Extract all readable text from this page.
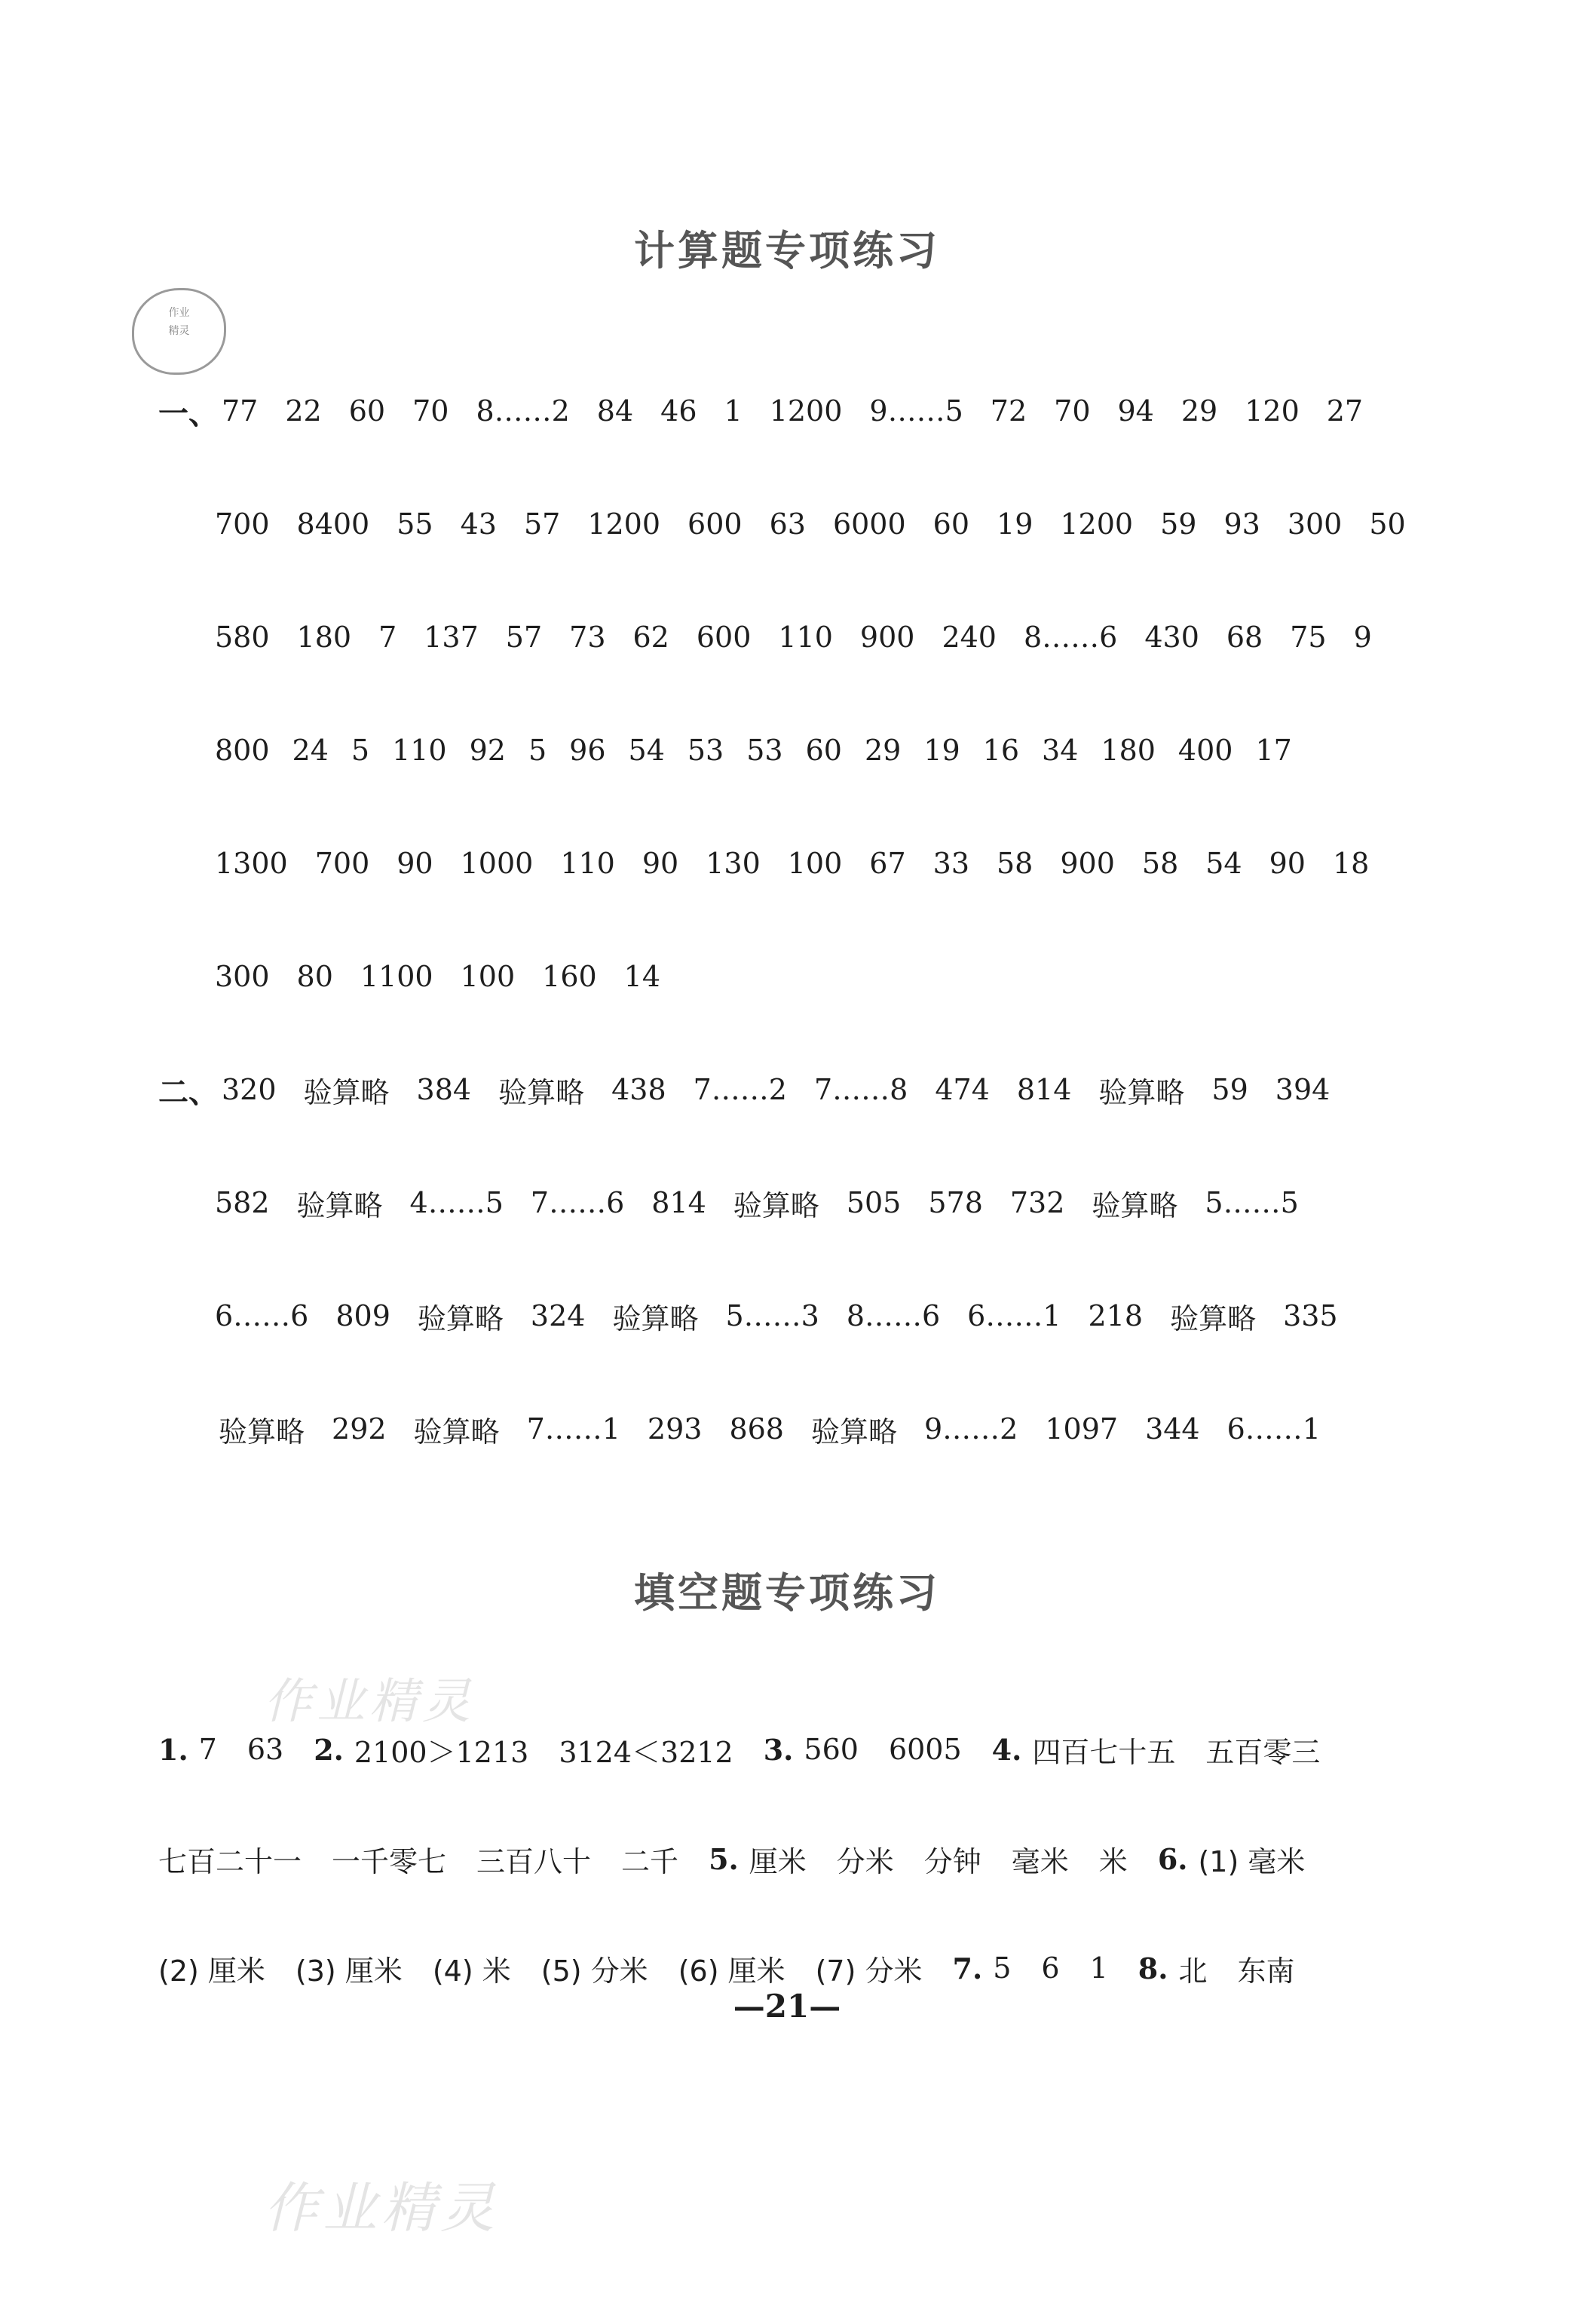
作业
精灵
计算题专项练习
一、 77 22 60 70 8……2 84 46 1 1200 9……5 72 70 94 29 120 27
700 8400 55 43 57 1200 600 63 6000 60 19 1200 59 93 300 50
580 180 7 137 57 73 62 600 110 900 240 8……6 430 68 75 9
800 24 5 110 92 5 96 54 53 53 60 29 19 16 34 180 400 17
1300 700 90 1000 110 90 130 100 67 33 58 900 58 54 90 18
300 80 1100 100 160 14
二、 320 验算略 384 验算略 438 7……2 7……8 474 814 验算略 59 394
582 验算略 4……5 7……6 814 验算略 505 578 732 验算略 5……5
6……6 809 验算略 324 验算略 5……3 8……6 6……1 218 验算略 335
验算略 292 验算略 7……1 293 868 验算略 9……2 1097 344 6……1
填空题专项练习
作业精灵
1. 7 63 2. 2100＞1213 3124＜3212 3. 560 6005 4. 四百七十五 五百零三
七百二十一 一千零七 三百八十 二千 5. 厘米 分米 分钟 毫米 米 6. (1) 毫米
(2) 厘米 (3) 厘米 (4) 米 (5) 分米 (6) 厘米 (7) 分米 7. 5 6 1 8. 北 东南
—21—
作业精灵
